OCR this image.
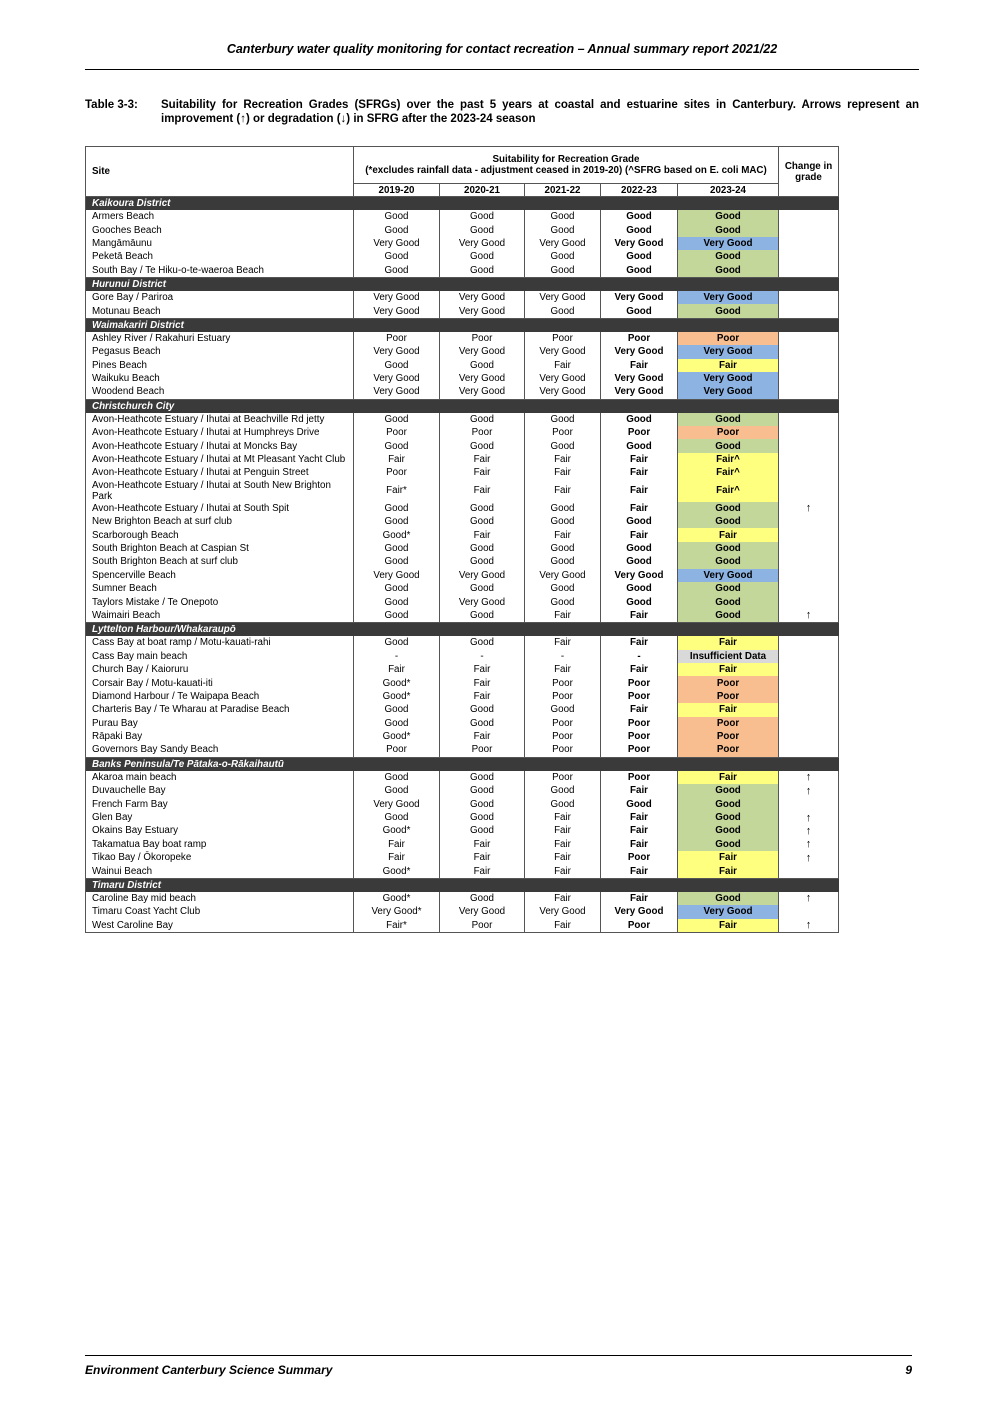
Canterbury water quality monitoring for contact recreation – Annual summary report 2021/22
Table 3-3: Suitability for Recreation Grades (SFRGs) over the past 5 years at coastal and estuarine sites in Canterbury. Arrows represent an improvement (↑) or degradation (↓) in SFRG after the 2023-24 season
Site	Suitability for Recreation Grade
(*excludes rainfall data - adjustment ceased in 2019-20) (^SFRG based on E. coli MAC)					Change in grade
	2019-20	2020-21	2021-22	2022-23	2023-24	
Kaikoura District						
Armers Beach	Good	Good	Good	Good	Good	
Gooches Beach	Good	Good	Good	Good	Good	
Mangāmāunu	Very Good	Very Good	Very Good	Very Good	Very Good	
Peketā Beach	Good	Good	Good	Good	Good	
South Bay / Te Hiku-o-te-waeroa Beach	Good	Good	Good	Good	Good	
Hurunui District						
Gore Bay / Pariroa	Very Good	Very Good	Very Good	Very Good	Very Good	
Motunau Beach	Very Good	Very Good	Good	Good	Good	
Waimakariri District						
Ashley River / Rakahuri Estuary	Poor	Poor	Poor	Poor	Poor	
Pegasus Beach	Very Good	Very Good	Very Good	Very Good	Very Good	
Pines Beach	Good	Good	Fair	Fair	Fair	
Waikuku Beach	Very Good	Very Good	Very Good	Very Good	Very Good	
Woodend Beach	Very Good	Very Good	Very Good	Very Good	Very Good	
Christchurch City						
Avon-Heathcote Estuary / Ihutai at Beachville Rd jetty	Good	Good	Good	Good	Good	
Avon-Heathcote Estuary / Ihutai at Humphreys Drive	Poor	Poor	Poor	Poor	Poor	
Avon-Heathcote Estuary / Ihutai at Moncks Bay	Good	Good	Good	Good	Good	
Avon-Heathcote Estuary / Ihutai at Mt Pleasant Yacht Club	Fair	Fair	Fair	Fair	Fair^	
Avon-Heathcote Estuary / Ihutai at Penguin Street	Poor	Fair	Fair	Fair	Fair^	
Avon-Heathcote Estuary / Ihutai at South New Brighton Park	Fair*	Fair	Fair	Fair	Fair^	
Avon-Heathcote Estuary / Ihutai at South Spit	Good	Good	Good	Fair	Good	↑
New Brighton Beach at surf club	Good	Good	Good	Good	Good	
Scarborough Beach	Good*	Fair	Fair	Fair	Fair	
South Brighton Beach at Caspian St	Good	Good	Good	Good	Good	
South Brighton Beach at surf club	Good	Good	Good	Good	Good	
Spencerville Beach	Very Good	Very Good	Very Good	Very Good	Very Good	
Sumner Beach	Good	Good	Good	Good	Good	
Taylors Mistake / Te Onepoto	Good	Very Good	Good	Good	Good	
Waimairi Beach	Good	Good	Fair	Fair	Good	↑
Lyttelton Harbour/Whakaraupō						
Cass Bay at boat ramp / Motu-kauati-rahi	Good	Good	Fair	Fair	Fair	
Cass Bay main beach	-	-	-	-	Insufficient Data	
Church Bay / Kaioruru	Fair	Fair	Fair	Fair	Fair	
Corsair Bay / Motu-kauati-iti	Good*	Fair	Poor	Poor	Poor	
Diamond Harbour / Te Waipapa Beach	Good*	Fair	Poor	Poor	Poor	
Charteris Bay / Te Wharau at Paradise Beach	Good	Good	Good	Fair	Fair	
Purau Bay	Good	Good	Poor	Poor	Poor	
Rāpaki Bay	Good*	Fair	Poor	Poor	Poor	
Governors Bay Sandy Beach	Poor	Poor	Poor	Poor	Poor	
Banks Peninsula/Te Pātaka-o-Rākaihautū						
Akaroa main beach	Good	Good	Poor	Poor	Fair	↑
Duvauchelle Bay	Good	Good	Good	Fair	Good	↑
French Farm Bay	Very Good	Good	Good	Good	Good	
Glen Bay	Good	Good	Fair	Fair	Good	↑
Okains Bay Estuary	Good*	Good	Fair	Fair	Good	↑
Takamatua Bay boat ramp	Fair	Fair	Fair	Fair	Good	↑
Tikao Bay / Ōkoropeke	Fair	Fair	Fair	Poor	Fair	↑
Wainui Beach	Good*	Fair	Fair	Fair	Fair	
Timaru District						
Caroline Bay mid beach	Good*	Good	Fair	Fair	Good	↑
Timaru Coast Yacht Club	Very Good*	Very Good	Very Good	Very Good	Very Good	
West Caroline Bay	Fair*	Poor	Fair	Poor	Fair	↑
Environment Canterbury Science Summary	9
